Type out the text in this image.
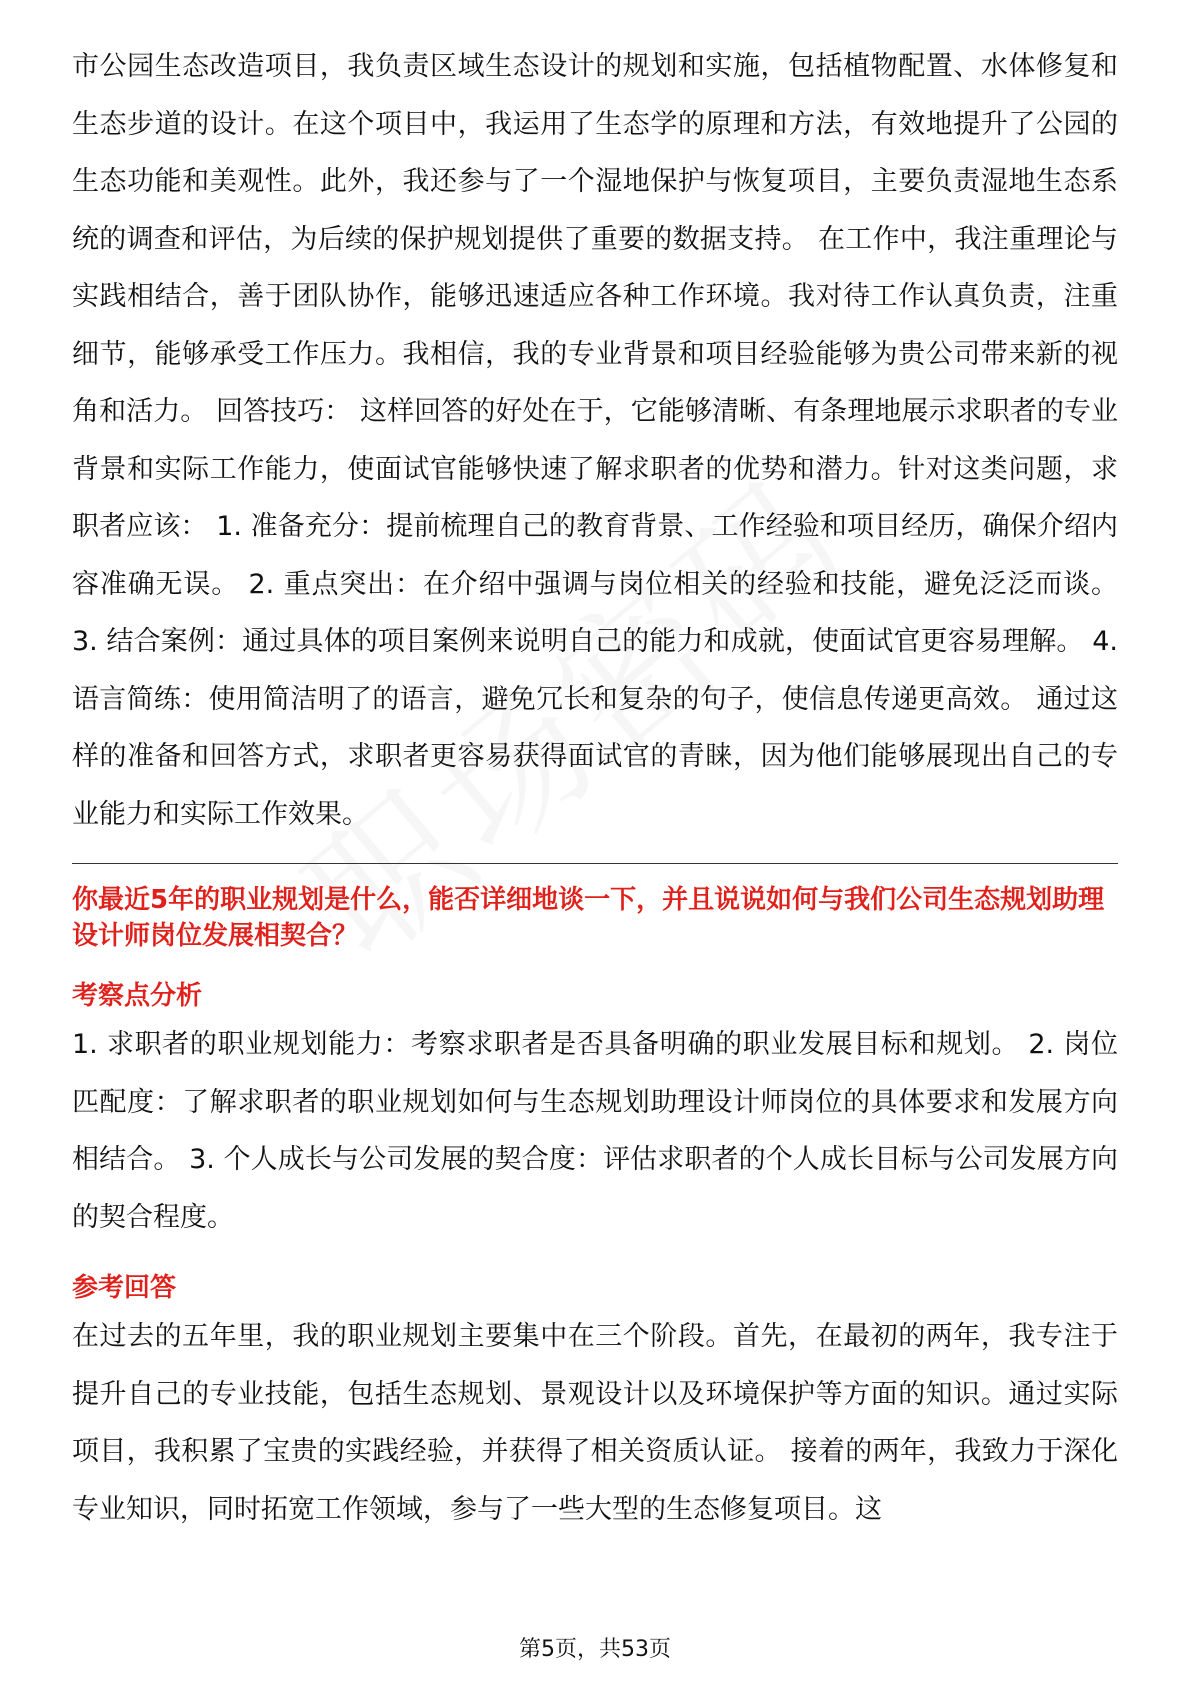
市公园生态改造项目，我负责区域生态设计的规划和实施，包括植物配置、水体修复和生态步道的设计。在这个项目中，我运用了生态学的原理和方法，有效地提升了公园的生态功能和美观性。此外，我还参与了一个湿地保护与恢复项目，主要负责湿地生态系统的调查和评估，为后续的保护规划提供了重要的数据支持。 在工作中，我注重理论与实践相结合，善于团队协作，能够迅速适应各种工作环境。我对待工作认真负责，注重细节，能够承受工作压力。我相信，我的专业背景和项目经验能够为贵公司带来新的视角和活力。 回答技巧： 这样回答的好处在于，它能够清晰、有条理地展示求职者的专业背景和实际工作能力，使面试官能够快速了解求职者的优势和潜力。针对这类问题，求职者应该： 1. 准备充分：提前梳理自己的教育背景、工作经验和项目经历，确保介绍内容准确无误。 2. 重点突出：在介绍中强调与岗位相关的经验和技能，避免泛泛而谈。 3. 结合案例：通过具体的项目案例来说明自己的能力和成就，使面试官更容易理解。 4. 语言简练：使用简洁明了的语言，避免冗长和复杂的句子，使信息传递更高效。 通过这样的准备和回答方式，求职者更容易获得面试官的青睐，因为他们能够展现出自己的专业能力和实际工作效果。

你最近5年的职业规划是什么，能否详细地谈一下，并且说说如何与我们公司生态规划助理设计师岗位发展相契合？
考察点分析

1. 求职者的职业规划能力：考察求职者是否具备明确的职业发展目标和规划。 2. 岗位匹配度：了解求职者的职业规划如何与生态规划助理设计师岗位的具体要求和发展方向相结合。 3. 个人成长与公司发展的契合度：评估求职者的个人成长目标与公司发展方向的契合程度。

参考回答

在过去的五年里，我的职业规划主要集中在三个阶段。首先，在最初的两年，我专注于提升自己的专业技能，包括生态规划、景观设计以及环境保护等方面的知识。通过实际项目，我积累了宝贵的实践经验，并获得了相关资质认证。 接着的两年，我致力于深化专业知识，同时拓宽工作领域，参与了一些大型的生态修复项目。这

第5页，共53页
